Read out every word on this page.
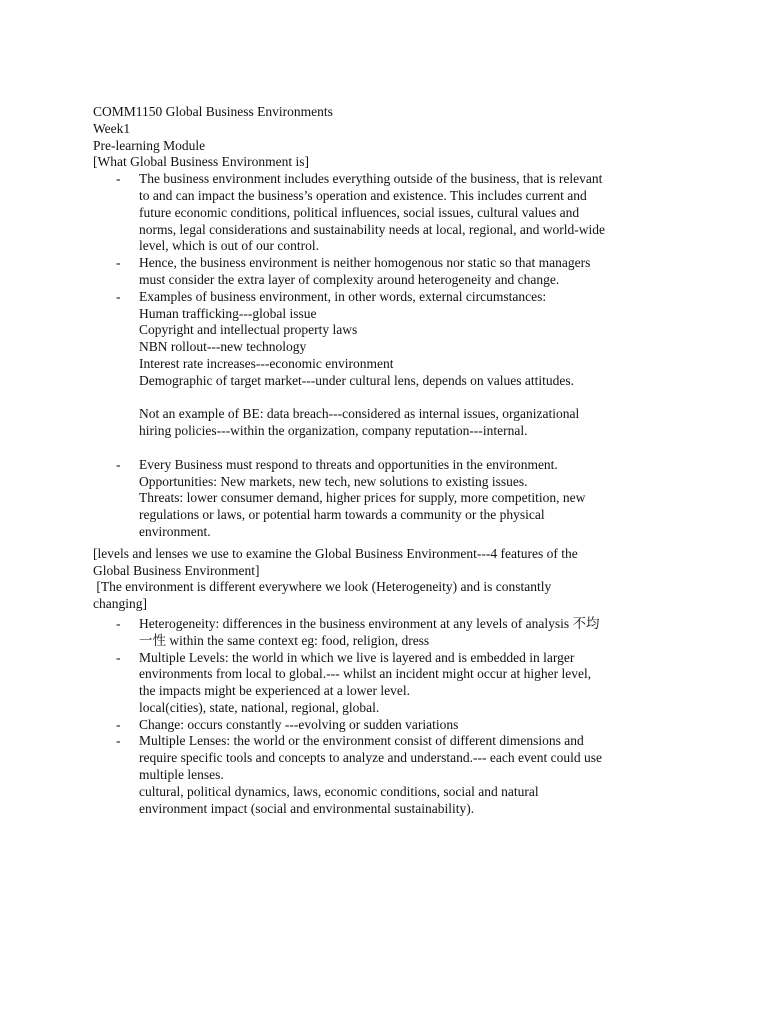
COMM1150 Global Business Environments
Week1
Pre-learning Module
[What Global Business Environment is]
- The business environment includes everything outside of the business, that is relevant
to and can impact the business’s operation and existence. This includes current and
future economic conditions, political influences, social issues, cultural values and
norms, legal considerations and sustainability needs at local, regional, and world-wide
level, which is out of our control.
- Hence, the business environment is neither homogenous nor static so that managers
must consider the extra layer of complexity around heterogeneity and change.
- Examples of business environment, in other words, external circumstances:
Human trafficking---global issue
Copyright and intellectual property laws
NBN rollout---new technology
Interest rate increases---economic environment
Demographic of target market---under cultural lens, depends on values attitudes.
Not an example of BE: data breach---considered as internal issues, organizational
hiring policies---within the organization, company reputation---internal.
- Every Business must respond to threats and opportunities in the environment.
Opportunities: New markets, new tech, new solutions to existing issues.
Threats: lower consumer demand, higher prices for supply, more competition, new
regulations or laws, or potential harm towards a community or the physical
environment.
[levels and lenses we use to examine the Global Business Environment---4 features of the
Global Business Environment]
[The environment is different everywhere we look (Heterogeneity) and is constantly
changing]
- Heterogeneity: differences in the business environment at any levels of analysis 不均
一性 within the same context eg: food, religion, dress
- Multiple Levels: the world in which we live is layered and is embedded in larger
environments from local to global.--- whilst an incident might occur at higher level,
the impacts might be experienced at a lower level.
local(cities), state, national, regional, global.
- Change: occurs constantly ---evolving or sudden variations
- Multiple Lenses: the world or the environment consist of different dimensions and
require specific tools and concepts to analyze and understand.--- each event could use
multiple lenses.
cultural, political dynamics, laws, economic conditions, social and natural
environment impact (social and environmental sustainability).
